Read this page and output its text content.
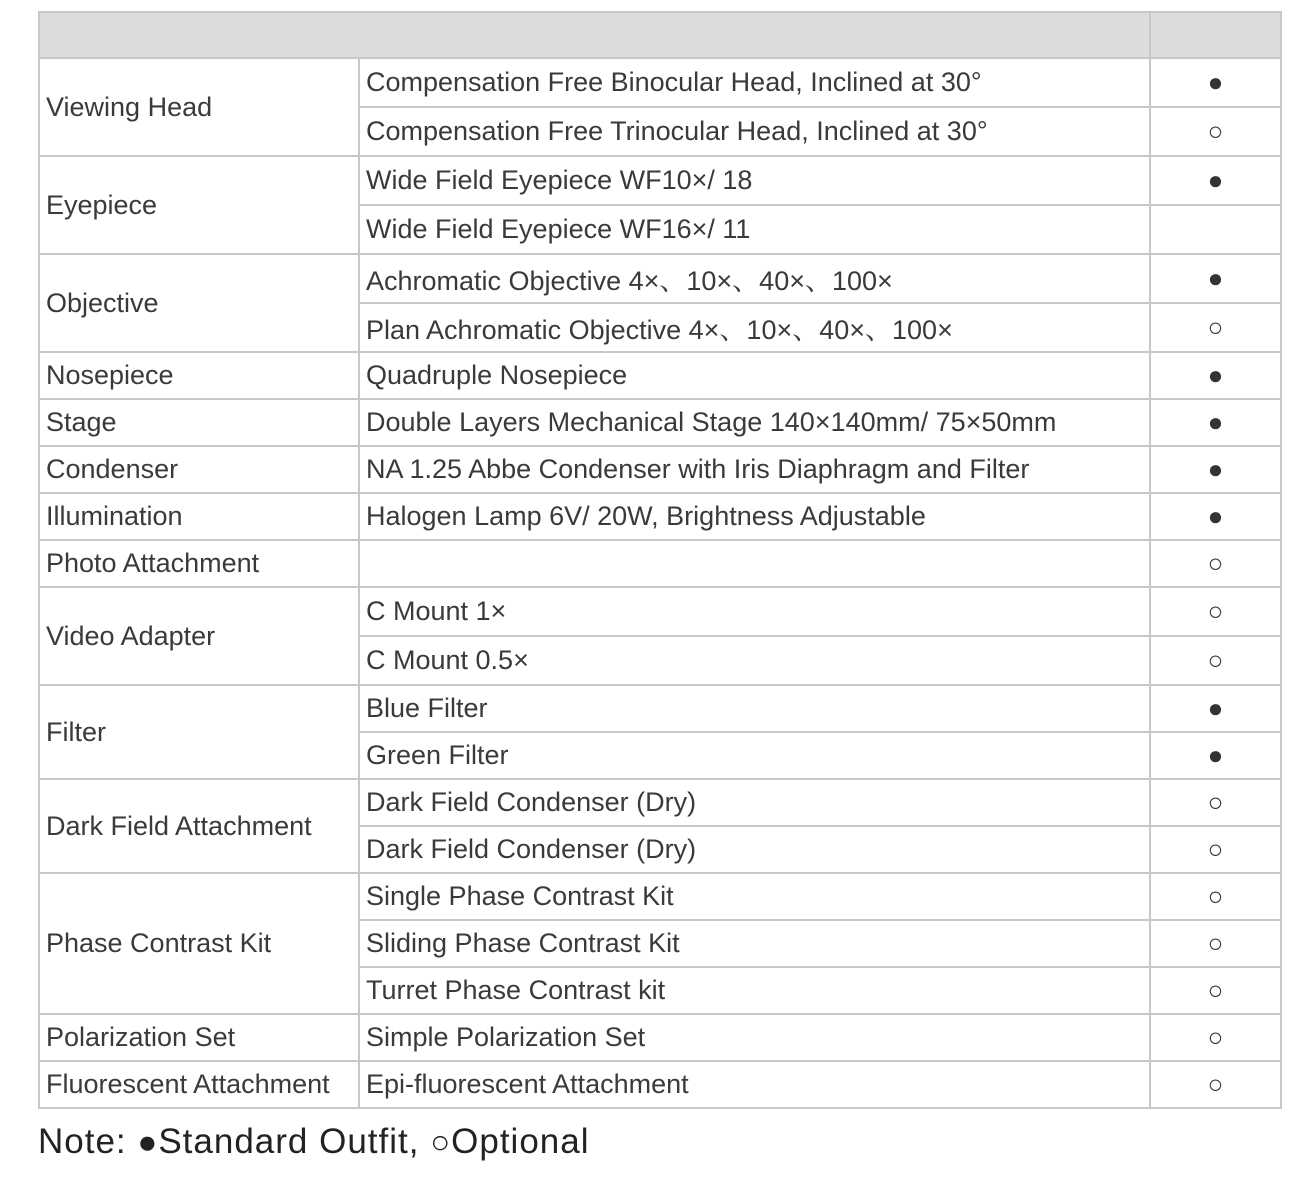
Viewing Head	Compensation Free Binocular Head, Inclined at 30°	●
	Compensation Free Trinocular Head, Inclined at 30°	○
Eyepiece	Wide Field Eyepiece WF10×/ 18	●
	Wide Field Eyepiece WF16×/ 11	
Objective	Achromatic Objective 4×、10×、40×、100×	●
	Plan Achromatic Objective 4×、10×、40×、100×	○
Nosepiece	Quadruple Nosepiece	●
Stage	Double Layers Mechanical Stage 140×140mm/ 75×50mm	●
Condenser	NA 1.25 Abbe Condenser with Iris Diaphragm and Filter	●
Illumination	Halogen Lamp 6V/ 20W, Brightness Adjustable	●
Photo Attachment		○
Video Adapter	C Mount 1×	○
	C Mount 0.5×	○
Filter	Blue Filter	●
	Green Filter	●
Dark Field Attachment	Dark Field Condenser (Dry)	○
	Dark Field Condenser (Dry)	○
Phase Contrast Kit	Single Phase Contrast Kit	○
	Sliding Phase Contrast Kit	○
	Turret Phase Contrast kit	○
Polarization Set	Simple Polarization Set	○
Fluorescent Attachment	Epi-fluorescent Attachment	○
Note: ●Standard Outfit, ○Optional
